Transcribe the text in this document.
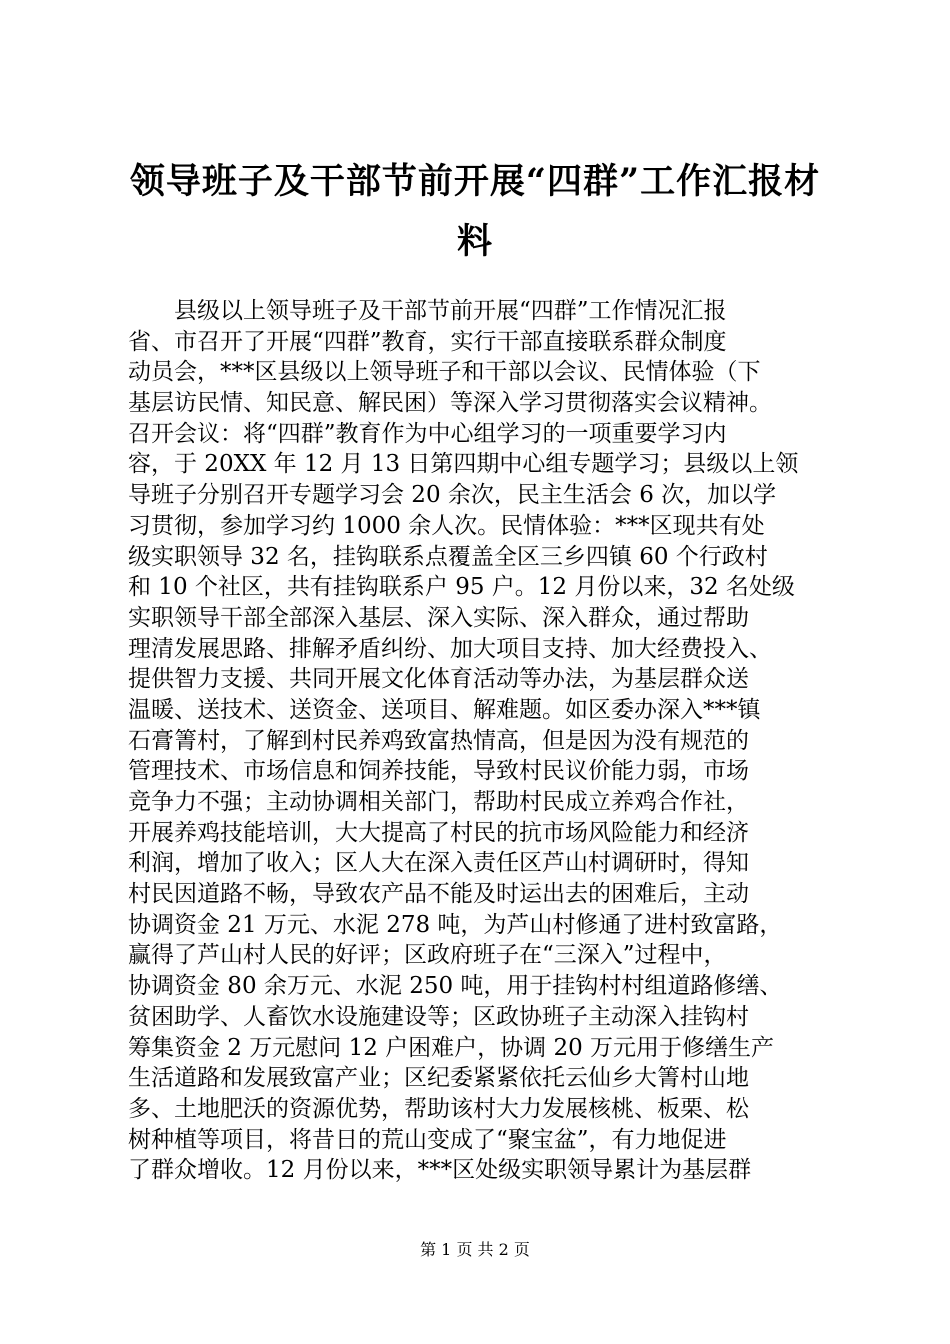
领导班子及干部节前开展“四群”工作汇报材
料
　　县级以上领导班子及干部节前开展“四群”工作情况汇报
省、市召开了开展“四群”教育，实行干部直接联系群众制度
动员会，***区县级以上领导班子和干部以会议、民情体验（下
基层访民情、知民意、解民困）等深入学习贯彻落实会议精神。
召开会议：将“四群”教育作为中心组学习的一项重要学习内
容，于 20XX 年 12 月 13 日第四期中心组专题学习；县级以上领
导班子分别召开专题学习会 20 余次，民主生活会 6 次，加以学
习贯彻，参加学习约 1000 余人次。民情体验：***区现共有处
级实职领导 32 名，挂钩联系点覆盖全区三乡四镇 60 个行政村
和 10 个社区，共有挂钩联系户 95 户。12 月份以来，32 名处级
实职领导干部全部深入基层、深入实际、深入群众，通过帮助
理清发展思路、排解矛盾纠纷、加大项目支持、加大经费投入、
提供智力支援、共同开展文化体育活动等办法，为基层群众送
温暖、送技术、送资金、送项目、解难题。如区委办深入***镇
石膏箐村，了解到村民养鸡致富热情高，但是因为没有规范的
管理技术、市场信息和饲养技能，导致村民议价能力弱，市场
竞争力不强；主动协调相关部门，帮助村民成立养鸡合作社，
开展养鸡技能培训，大大提高了村民的抗市场风险能力和经济
利润，增加了收入；区人大在深入责任区芦山村调研时，得知
村民因道路不畅，导致农产品不能及时运出去的困难后，主动
协调资金 21 万元、水泥 278 吨，为芦山村修通了进村致富路，
赢得了芦山村人民的好评；区政府班子在“三深入”过程中，
协调资金 80 余万元、水泥 250 吨，用于挂钩村村组道路修缮、
贫困助学、人畜饮水设施建设等；区政协班子主动深入挂钩村
筹集资金 2 万元慰问 12 户困难户，协调 20 万元用于修缮生产
生活道路和发展致富产业；区纪委紧紧依托云仙乡大箐村山地
多、土地肥沃的资源优势，帮助该村大力发展核桃、板栗、松
树种植等项目，将昔日的荒山变成了“聚宝盆”，有力地促进
了群众增收。12 月份以来，***区处级实职领导累计为基层群
第 1 页 共 2 页
